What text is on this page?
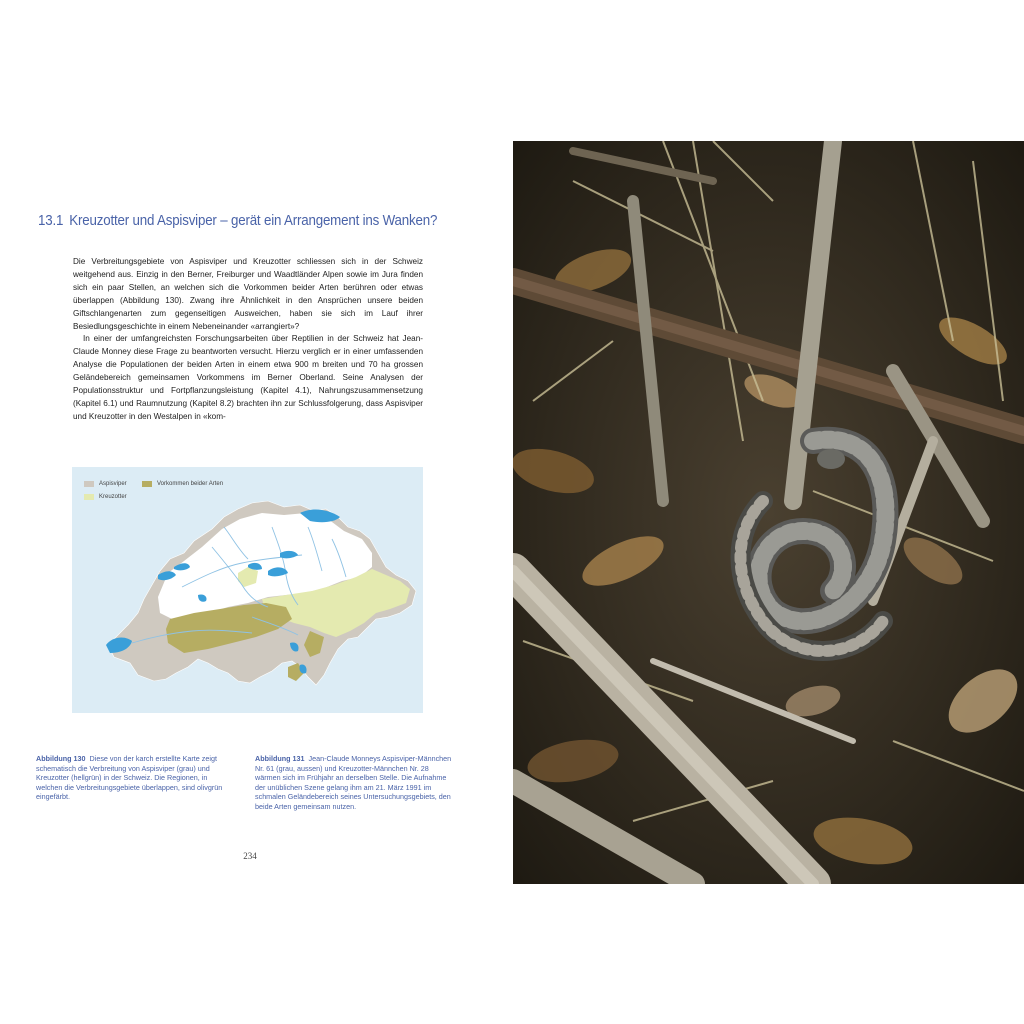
13.1 Kreuzotter und Aspisviper – gerät ein Arrangement ins Wanken?

Die Verbreitungsgebiete von Aspisviper und Kreuzotter schliessen sich in der Schweiz weitgehend aus. Einzig in den Berner, Freiburger und Waadtländer Alpen sowie im Jura finden sich ein paar Stellen, an welchen sich die Vorkommen beider Arten berühren oder etwas überlappen (Abbildung 130). Zwang ihre Ähnlichkeit in den Ansprüchen unsere beiden Giftschlangenarten zum gegenseitigen Ausweichen, haben sie sich im Lauf ihrer Besiedlungsgeschichte in einem Nebeneinander «arrangiert»?

In einer der umfangreichsten Forschungsarbeiten über Reptilien in der Schweiz hat Jean-Claude Monney diese Frage zu beantworten versucht. Hierzu verglich er in einer umfassenden Analyse die Populationen der beiden Arten in einem etwa 900 m breiten und 70 ha grossen Geländebereich gemeinsamen Vorkommens im Berner Oberland. Seine Analysen der Populationsstruktur und Fortpflanzungsleistung (Kapitel 4.1), Nahrungszusammensetzung (Kapitel 6.1) und Raumnutzung (Kapitel 8.2) brachten ihn zur Schlussfolgerung, dass Aspisviper und Kreuzotter in den Westalpen in «kom-

Aspisviper	Vorkommen beider Arten
Kreuzotter
Abbildung 130 Diese von der karch erstellte Karte zeigt schematisch die Verbreitung von Aspisviper (grau) und Kreuzotter (hellgrün) in der Schweiz. Die Regionen, in welchen die Verbreitungsgebiete überlappen, sind olivgrün eingefärbt.
Abbildung 131 Jean-Claude Monneys Aspisviper-Männchen Nr. 61 (grau, aussen) und Kreuzotter-Männchen Nr. 28 wärmen sich im Frühjahr an derselben Stelle. Die Aufnahme der unüblichen Szene gelang ihm am 21. März 1991 im schmalen Geländebereich seines Untersuchungsgebiets, den beide Arten gemeinsam nutzen.
234
